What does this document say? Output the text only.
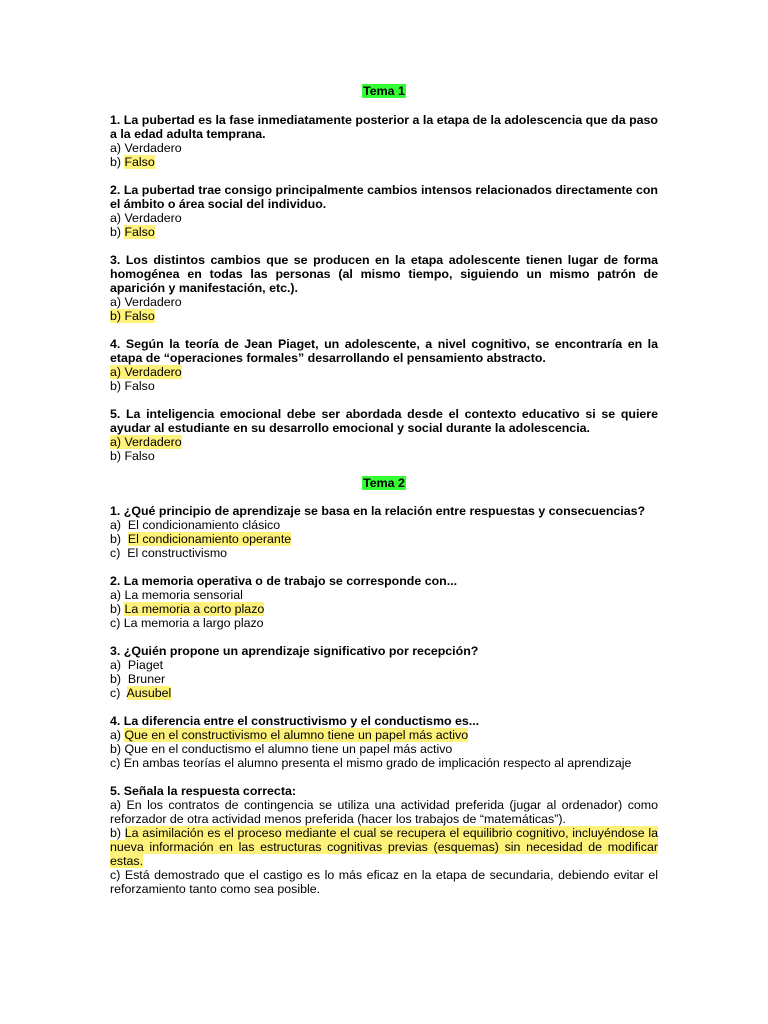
Tema 1

1. La pubertad es la fase inmediatamente posterior a la etapa de la adolescencia que da paso a la edad adulta temprana.

a) Verdadero

b) Falso

2. La pubertad trae consigo principalmente cambios intensos relacionados directamente con el ámbito o área social del individuo.

a) Verdadero

b) Falso

3. Los distintos cambios que se producen en la etapa adolescente tienen lugar de forma homogénea en todas las personas (al mismo tiempo, siguiendo un mismo patrón de aparición y manifestación, etc.).

a) Verdadero

b) Falso

4. Según la teoría de Jean Piaget, un adolescente, a nivel cognitivo, se encontraría en la etapa de “operaciones formales” desarrollando el pensamiento abstracto.

a) Verdadero

b) Falso

5. La inteligencia emocional debe ser abordada desde el contexto educativo si se quiere ayudar al estudiante en su desarrollo emocional y social durante la adolescencia.

a) Verdadero

b) Falso

Tema 2

1. ¿Qué principio de aprendizaje se basa en la relación entre respuestas y consecuencias?

a)  El condicionamiento clásico

b)  El condicionamiento operante

c)  El constructivismo

2. La memoria operativa o de trabajo se corresponde con...

a) La memoria sensorial

b) La memoria a corto plazo

c) La memoria a largo plazo

3. ¿Quién propone un aprendizaje significativo por recepción?

a)  Piaget

b)  Bruner

c)  Ausubel

4. La diferencia entre el constructivismo y el conductismo es...

a) Que en el constructivismo el alumno tiene un papel más activo

b) Que en el conductismo el alumno tiene un papel más activo

c) En ambas teorías el alumno presenta el mismo grado de implicación respecto al aprendizaje

5. Señala la respuesta correcta:

a) En los contratos de contingencia se utiliza una actividad preferida (jugar al ordenador) como reforzador de otra actividad menos preferida (hacer los trabajos de “matemáticas”).

b) La asimilación es el proceso mediante el cual se recupera el equilibrio cognitivo, incluyéndose la nueva información en las estructuras cognitivas previas (esquemas) sin necesidad de modificar estas.

c) Está demostrado que el castigo es lo más eficaz en la etapa de secundaria, debiendo evitar el reforzamiento tanto como sea posible.
